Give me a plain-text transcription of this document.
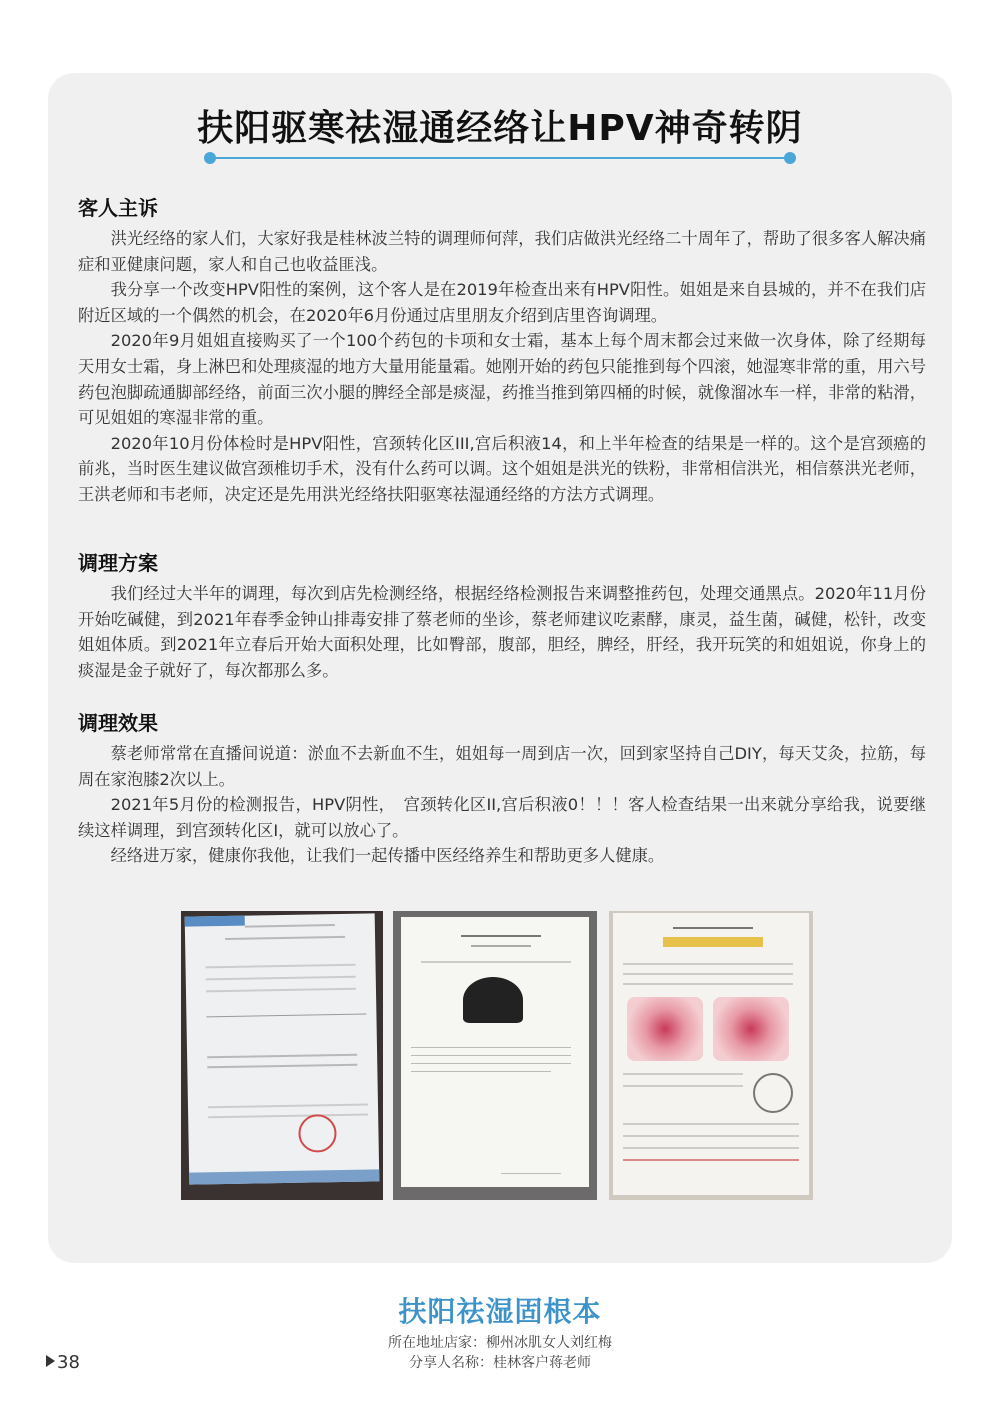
扶阳驱寒祛湿通经络让HPV神奇转阴
客人主诉

洪光经络的家人们，大家好我是桂林波兰特的调理师何萍，我们店做洪光经络二十周年了，帮助了很多客人解决痛症和亚健康问题，家人和自己也收益匪浅。

我分享一个改变HPV阳性的案例，这个客人是在2019年检查出来有HPV阳性。姐姐是来自县城的，并不在我们店附近区域的一个偶然的机会，在2020年6月份通过店里朋友介绍到店里咨询调理。

2020年9月姐姐直接购买了一个100个药包的卡项和女士霜，基本上每个周末都会过来做一次身体，除了经期每天用女士霜，身上淋巴和处理痰湿的地方大量用能量霜。她刚开始的药包只能推到每个四滚，她湿寒非常的重，用六号药包泡脚疏通脚部经络，前面三次小腿的脾经全部是痰湿，药推当推到第四桶的时候，就像溜冰车一样，非常的粘滑，可见姐姐的寒湿非常的重。

2020年10月份体检时是HPV阳性，宫颈转化区III,宫后积液14，和上半年检查的结果是一样的。这个是宫颈癌的前兆，当时医生建议做宫颈椎切手术，没有什么药可以调。这个姐姐是洪光的铁粉，非常相信洪光，相信蔡洪光老师，王洪老师和韦老师，决定还是先用洪光经络扶阳驱寒祛湿通经络的方法方式调理。

调理方案

我们经过大半年的调理，每次到店先检测经络，根据经络检测报告来调整推药包，处理交通黑点。2020年11月份开始吃碱健，到2021年春季金钟山排毒安排了蔡老师的坐诊，蔡老师建议吃素酵，康灵，益生菌，碱健，松针，改变姐姐体质。到2021年立春后开始大面积处理，比如臀部，腹部，胆经，脾经，肝经，我开玩笑的和姐姐说，你身上的痰湿是金子就好了，每次都那么多。

调理效果

蔡老师常常在直播间说道：淤血不去新血不生，姐姐每一周到店一次，回到家坚持自己DIY，每天艾灸，拉筋，每周在家泡膝2次以上。

2021年5月份的检测报告，HPV阴性，　宫颈转化区II,宫后积液0！！！客人检查结果一出来就分享给我，说要继续这样调理，到宫颈转化区I，就可以放心了。

经络进万家，健康你我他，让我们一起传播中医经络养生和帮助更多人健康。

扶阳祛湿固根本
所在地址店家：柳州冰肌女人刘红梅
分享人名称：桂林客户蒋老师
38
